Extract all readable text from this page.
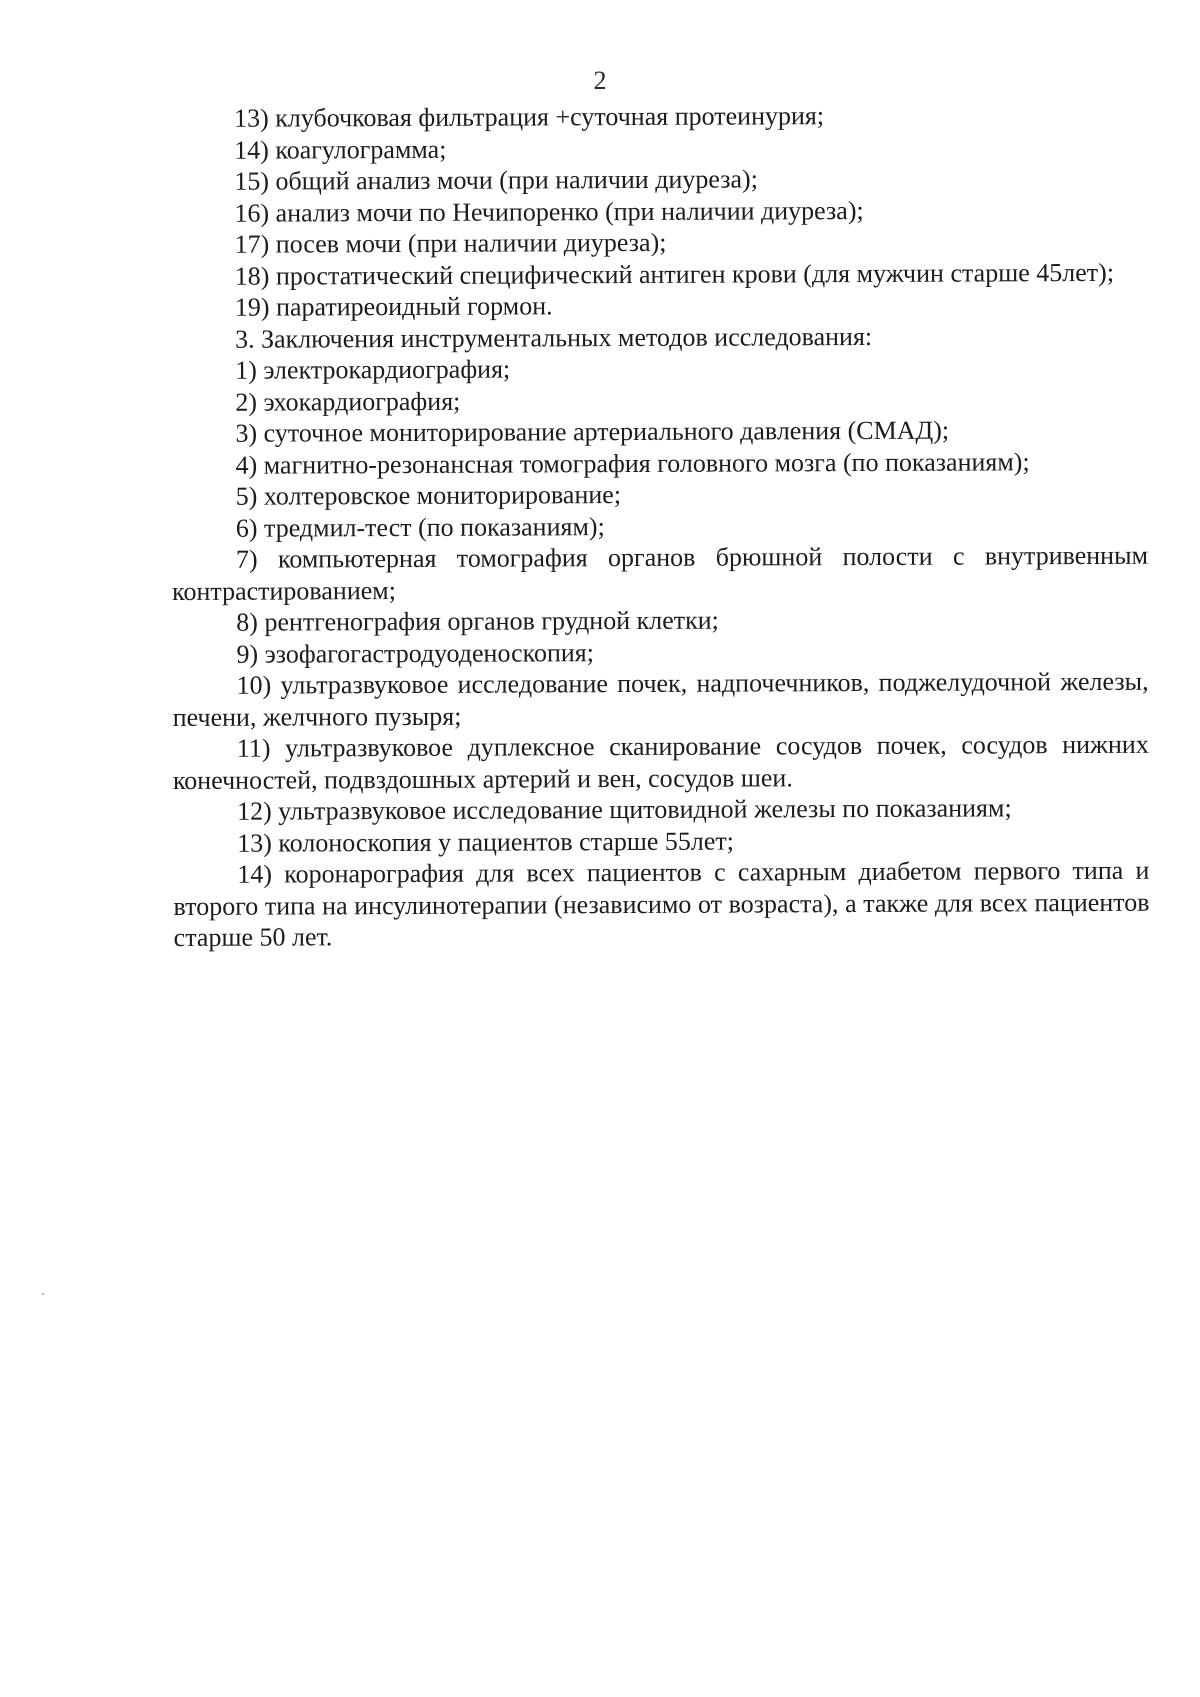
2

13) клубочковая фильтрация +суточная протеинурия;

14) коагулограмма;

15) общий анализ мочи (при наличии диуреза);

16) анализ мочи по Нечипоренко (при наличии диуреза);

17) посев мочи (при наличии диуреза);

18) простатический специфический антиген крови (для мужчин старше 45лет);

19) паратиреоидный гормон.

3. Заключения инструментальных методов исследования:

1) электрокардиография;

2) эхокардиография;

3) суточное мониторирование артериального давления (СМАД);

4) магнитно-резонансная томография головного мозга (по показаниям);

5) холтеровское мониторирование;

6) тредмил-тест (по показаниям);

7) компьютерная томография органов брюшной полости с внутривенным контрастированием;

8) рентгенография органов грудной клетки;

9) эзофагогастродуоденоскопия;

10) ультразвуковое исследование почек, надпочечников, поджелудочной железы, печени, желчного пузыря;

11) ультразвуковое дуплексное сканирование сосудов почек, сосудов нижних конечностей, подвздошных артерий и вен, сосудов шеи.

12) ультразвуковое исследование щитовидной железы по показаниям;

13) колоноскопия у пациентов старше 55лет;

14) коронарография для всех пациентов с сахарным диабетом первого типа и второго типа на инсулинотерапии (независимо от возраста), а также для всех пациентов старше 50 лет.
